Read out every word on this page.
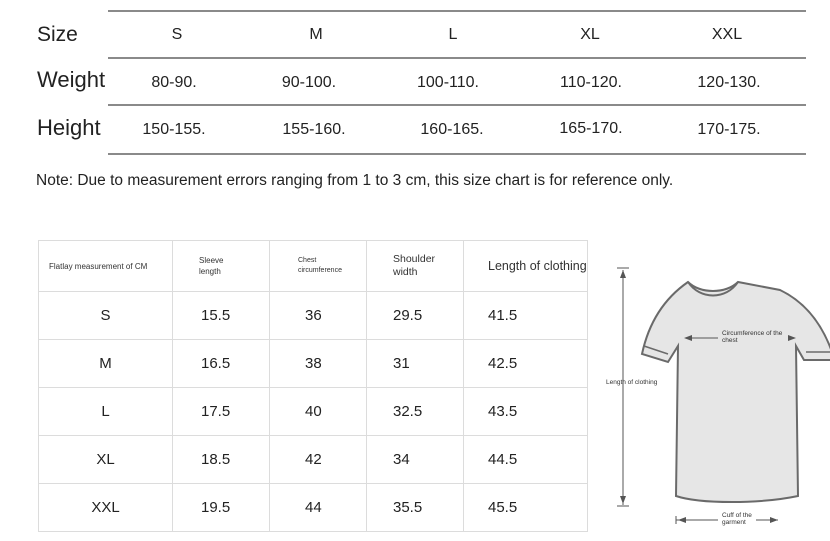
Size	S	M	L	XL	XXL
Weight	80-90.	90-100.	100-110.	110-120.	120-130.
Height	150-155.	155-160.	160-165.	165-170.	170-175.
Note: Due to measurement errors ranging from 1 to 3 cm, this size chart is for reference only.
Flatlay measurement of CM	Sleeve length	Chest circumference	Shoulder width	Length of clothing

S	15.5	36	29.5	41.5
M	16.5	38	31	42.5
L	17.5	40	32.5	43.5
XL	18.5	42	34	44.5
XXL	19.5	44	35.5	45.5
Circumference of the chest
Length of clothing
Cuff of the garment
